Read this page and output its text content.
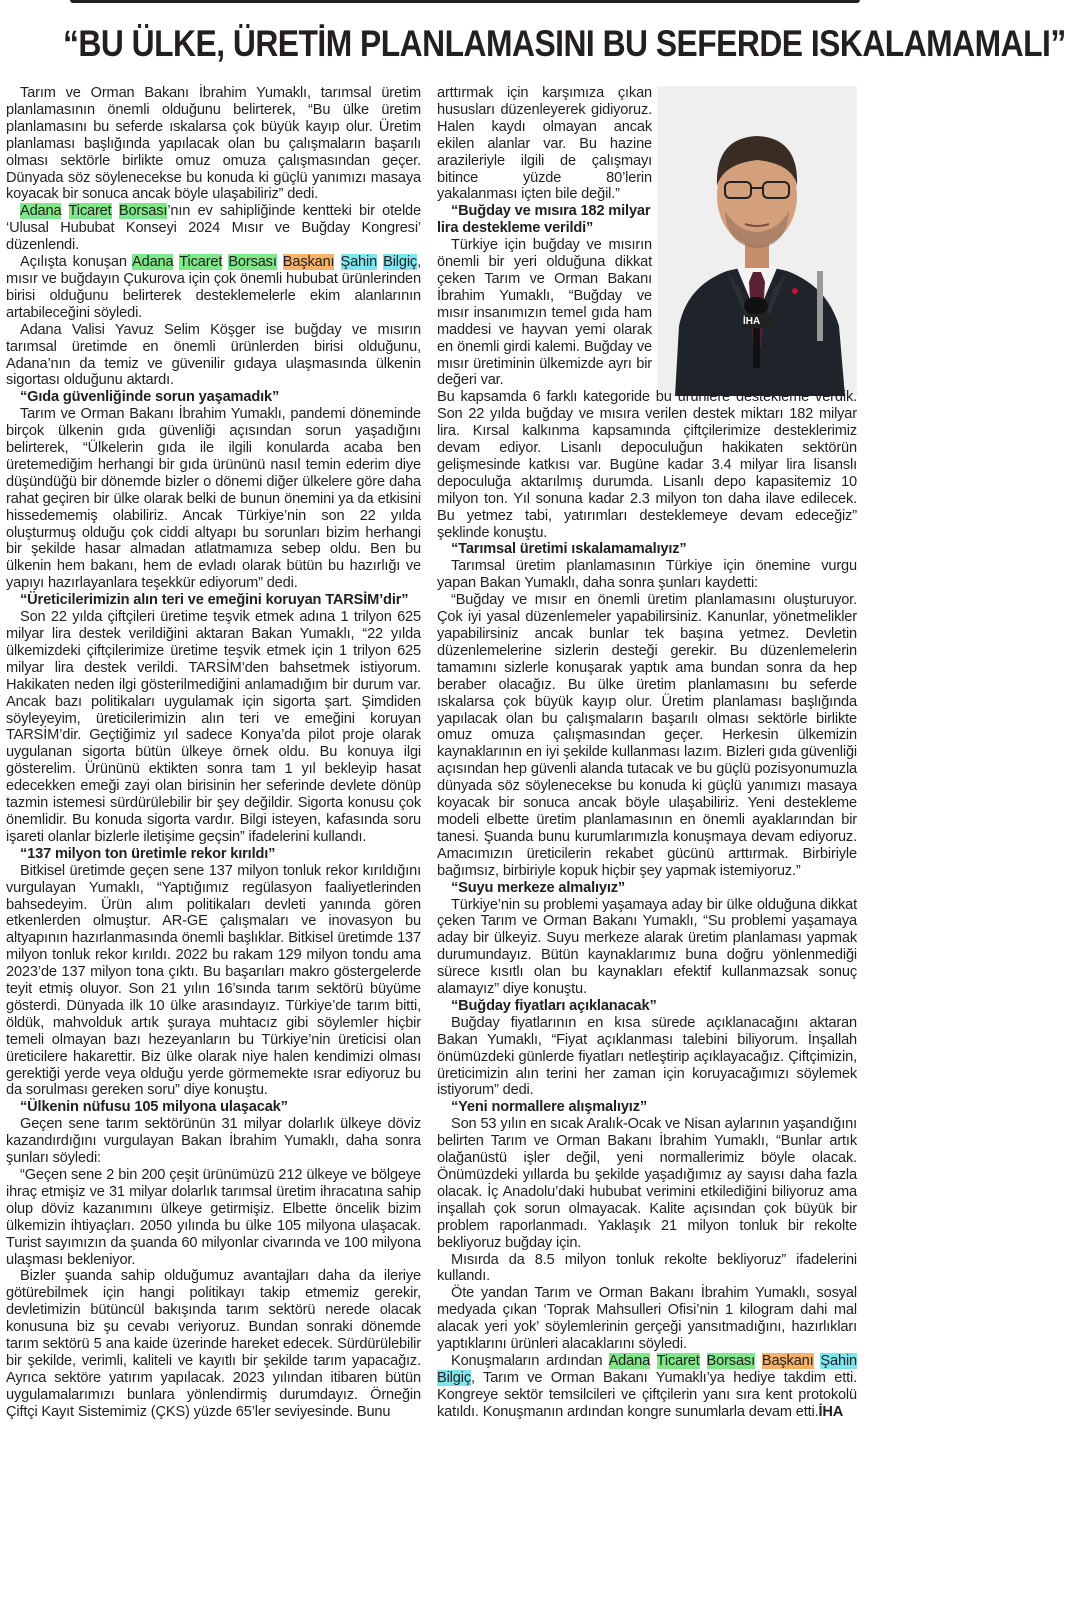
“BU ÜLKE, ÜRETİM PLANLAMASINI BU SEFERDE ISKALAMAMALI”

Tarım ve Orman Bakanı İbrahim Yumaklı, tarımsal üretim planlamasının önemli olduğunu belirterek, “Bu ülke üretim planlamasını bu seferde ıskalarsa çok büyük kayıp olur. Üretim planlaması başlığında yapılacak olan bu çalışmaların başarılı olması sektörle birlikte omuz omuza çalışmasından geçer. Dünyada söz söylenecekse bu konuda ki güçlü yanımızı masaya koyacak bir sonuca ancak böyle ulaşabiliriz” dedi.

Adana Ticaret Borsası’nın ev sahipliğinde kentteki bir otelde ‘Ulusal Hububat Konseyi 2024 Mısır ve Buğday Kongresi’ düzenlendi.

Açılışta konuşan Adana Ticaret Borsası Başkanı Şahin Bilgiç, mısır ve buğdayın Çukurova için çok önemli hububat ürünlerinden birisi olduğunu belirterek desteklemelerle ekim alanlarının artabileceğini söyledi.

Adana Valisi Yavuz Selim Köşger ise buğday ve mısırın tarımsal üretimde en önemli ürünlerden birisi olduğunu, Adana’nın da temiz ve güvenilir gıdaya ulaşmasında ülkenin sigortası olduğunu aktardı.

“Gıda güvenliğinde sorun yaşamadık”

Tarım ve Orman Bakanı İbrahim Yumaklı, pandemi döneminde birçok ülkenin gıda güvenliği açısından sorun yaşadığını belirterek, “Ülkelerin gıda ile ilgili konularda acaba ben üretemediğim herhangi bir gıda ürününü nasıl temin ederim diye düşündüğü bir dönemde bizler o dönemi diğer ülkelere göre daha rahat geçiren bir ülke olarak belki de bunun önemini ya da etkisini hissedememiş olabiliriz. Ancak Türkiye’nin son 22 yılda oluşturmuş olduğu çok ciddi altyapı bu sorunları bizim herhangi bir şekilde hasar almadan atlatmamıza sebep oldu. Ben bu ülkenin hem bakanı, hem de evladı olarak bütün bu hazırlığı ve yapıyı hazırlayanlara teşekkür ediyorum” dedi.

“Üreticilerimizin alın teri ve emeğini koruyan TARSİM’dir”

Son 22 yılda çiftçileri üretime teşvik etmek adına 1 trilyon 625 milyar lira destek verildiğini aktaran Bakan Yumaklı, “22 yılda ülkemizdeki çiftçilerimize üretime teşvik etmek için 1 trilyon 625 milyar lira destek verildi. TARSİM’den bahsetmek istiyorum. Hakikaten neden ilgi gösterilmediğini anlamadığım bir durum var. Ancak bazı politikaları uygulamak için sigorta şart. Şimdiden söyleyeyim, üreticilerimizin alın teri ve emeğini koruyan TARSİM’dir. Geçtiğimiz yıl sadece Konya’da pilot proje olarak uygulanan sigorta bütün ülkeye örnek oldu. Bu konuya ilgi gösterelim. Ürününü ektikten sonra tam 1 yıl bekleyip hasat edecekken emeği zayi olan birisinin her seferinde devlete dönüp tazmin istemesi sürdürülebilir bir şey değildir. Sigorta konusu çok önemlidir. Bu konuda sigorta vardır. Bilgi isteyen, kafasında soru işareti olanlar bizlerle iletişime geçsin” ifadelerini kullandı.

“137 milyon ton üretimle rekor kırıldı”

Bitkisel üretimde geçen sene 137 milyon tonluk rekor kırıldığını vurgulayan Yumaklı, “Yaptığımız regülasyon faaliyetlerinden bahsedeyim. Ürün alım politikaları devleti yanında gören etkenlerden olmuştur. AR-GE çalışmaları ve inovasyon bu altyapının hazırlanmasında önemli başlıklar. Bitkisel üretimde 137 milyon tonluk rekor kırıldı. 2022 bu rakam 129 milyon tondu ama 2023’de 137 milyon tona çıktı. Bu başarıları makro göstergelerde teyit etmiş oluyor. Son 21 yılın 16’sında tarım sektörü büyüme gösterdi. Dünyada ilk 10 ülke arasındayız. Türkiye’de tarım bitti, öldük, mahvolduk artık şuraya muhtacız gibi söylemler hiçbir temeli olmayan bazı hezeyanların bu Türkiye’nin üreticisi olan üreticilere hakarettir. Biz ülke olarak niye halen kendimizi olması gerektiği yerde veya olduğu yerde görmemekte ısrar ediyoruz bu da sorulması gereken soru” diye konuştu.

“Ülkenin nüfusu 105 milyona ulaşacak”

Geçen sene tarım sektörünün 31 milyar dolarlık ülkeye döviz kazandırdığını vurgulayan Bakan İbrahim Yumaklı, daha sonra şunları söyledi:

“Geçen sene 2 bin 200 çeşit ürünümüzü 212 ülkeye ve bölgeye ihraç etmişiz ve 31 milyar dolarlık tarımsal üretim ihracatına sahip olup döviz kazanımını ülkeye getirmişiz. Elbette öncelik bizim ülkemizin ihtiyaçları. 2050 yılında bu ülke 105 milyona ulaşacak. Turist sayımızın da şuanda 60 milyonlar civarında ve 100 milyona ulaşması bekleniyor.

Bizler şuanda sahip olduğumuz avantajları daha da ileriye götürebilmek için hangi politikayı takip etmemiz gerekir, devletimizin bütüncül bakışında tarım sektörü nerede olacak konusuna biz şu cevabı veriyoruz. Bundan sonraki dönemde tarım sektörü 5 ana kaide üzerinde hareket edecek. Sürdürülebilir bir şekilde, verimli, kaliteli ve kayıtlı bir şekilde tarım yapacağız. Ayrıca sektöre yatırım yapılacak. 2023 yılından itibaren bütün uygulamalarımızı bunlara yönlendirmiş durumdayız. Örneğin Çiftçi Kayıt Sistemimiz (ÇKS) yüzde 65’ler seviyesinde. Bunu

İHA

arttırmak için karşımıza çıkan hususları düzenleyerek gidiyoruz. Halen kaydı olmayan ancak ekilen alanlar var. Bu hazine arazileriyle ilgili de çalışmayı bitince yüzde 80’lerin yakalanması içten bile değil.”

“Buğday ve mısıra 182 milyar lira destekleme verildi”

Türkiye için buğday ve mısırın önemli bir yeri olduğuna dikkat çeken Tarım ve Orman Bakanı İbrahim Yumaklı, “Buğday ve mısır insanımızın temel gıda ham maddesi ve hayvan yemi olarak en önemli girdi kalemi. Buğday ve mısır üretiminin ülkemizde ayrı bir değeri var.

Bu kapsamda 6 farklı kategoride bu ürünlere destekleme verdik. Son 22 yılda buğday ve mısıra verilen destek miktarı 182 milyar lira. Kırsal kalkınma kapsamında çiftçilerimize desteklerimiz devam ediyor. Lisanlı depoculuğun hakikaten sektörün gelişmesinde katkısı var. Bugüne kadar 3.4 milyar lira lisanslı depoculuğa aktarılmış durumda. Lisanlı depo kapasitemiz 10 milyon ton. Yıl sonuna kadar 2.3 milyon ton daha ilave edilecek. Bu yetmez tabi, yatırımları desteklemeye devam edeceğiz” şeklinde konuştu.

“Tarımsal üretimi ıskalamamalıyız”

Tarımsal üretim planlamasının Türkiye için önemine vurgu yapan Bakan Yumaklı, daha sonra şunları kaydetti:

“Buğday ve mısır en önemli üretim planlamasını oluşturuyor. Çok iyi yasal düzenlemeler yapabilirsiniz. Kanunlar, yönetmelikler yapabilirsiniz ancak bunlar tek başına yetmez. Devletin düzenlemelerine sizlerin desteği gerekir. Bu düzenlemelerin tamamını sizlerle konuşarak yaptık ama bundan sonra da hep beraber olacağız. Bu ülke üretim planlamasını bu seferde ıskalarsa çok büyük kayıp olur. Üretim planlaması başlığında yapılacak olan bu çalışmaların başarılı olması sektörle birlikte omuz omuza çalışmasından geçer. Herkesin ülkemizin kaynaklarının en iyi şekilde kullanması lazım. Bizleri gıda güvenliği açısından hep güvenli alanda tutacak ve bu güçlü pozisyonumuzla dünyada söz söylenecekse bu konuda ki güçlü yanımızı masaya koyacak bir sonuca ancak böyle ulaşabiliriz. Yeni destekleme modeli elbette üretim planlamasının en önemli ayaklarından bir tanesi. Şuanda bunu kurumlarımızla konuşmaya devam ediyoruz. Amacımızın üreticilerin rekabet gücünü arttırmak. Birbiriyle bağımsız, birbiriyle kopuk hiçbir şey yapmak istemiyoruz.”

“Suyu merkeze almalıyız”

Türkiye’nin su problemi yaşamaya aday bir ülke olduğuna dikkat çeken Tarım ve Orman Bakanı Yumaklı, “Su problemi yaşamaya aday bir ülkeyiz. Suyu merkeze alarak üretim planlaması yapmak durumundayız. Bütün kaynaklarımız buna doğru yönlenmediği sürece kısıtlı olan bu kaynakları efektif kullanmazsak sonuç alamayız” diye konuştu.

“Buğday fiyatları açıklanacak”

Buğday fiyatlarının en kısa sürede açıklanacağını aktaran Bakan Yumaklı, “Fiyat açıklanması talebini biliyorum. İnşallah önümüzdeki günlerde fiyatları netleştirip açıklayacağız. Çiftçimizin, üreticimizin alın terini her zaman için koruyacağımızı söylemek istiyorum” dedi.

“Yeni normallere alışmalıyız”

Son 53 yılın en sıcak Aralık-Ocak ve Nisan aylarının yaşandığını belirten Tarım ve Orman Bakanı İbrahim Yumaklı, “Bunlar artık olağanüstü işler değil, yeni normallerimiz böyle olacak. Önümüzdeki yıllarda bu şekilde yaşadığımız ay sayısı daha fazla olacak. İç Anadolu’daki hububat verimini etkilediğini biliyoruz ama inşallah çok sorun olmayacak. Kalite açısından çok büyük bir problem raporlanmadı. Yaklaşık 21 milyon tonluk bir rekolte bekliyoruz buğday için.

Mısırda da 8.5 milyon tonluk rekolte bekliyoruz” ifadelerini kullandı.

Öte yandan Tarım ve Orman Bakanı İbrahim Yumaklı, sosyal medyada çıkan ‘Toprak Mahsulleri Ofisi’nin 1 kilogram dahi mal alacak yeri yok’ söylemlerinin gerçeği yansıtmadığını, hazırlıkları yaptıklarını ürünleri alacaklarını söyledi.

Konuşmaların ardından Adana Ticaret Borsası Başkanı Şahin Bilgiç, Tarım ve Orman Bakanı Yumaklı’ya hediye takdim etti. Kongreye sektör temsilcileri ve çiftçilerin yanı sıra kent protokolü katıldı. Konuşmanın ardından kongre sunumlarla devam etti.İHA
